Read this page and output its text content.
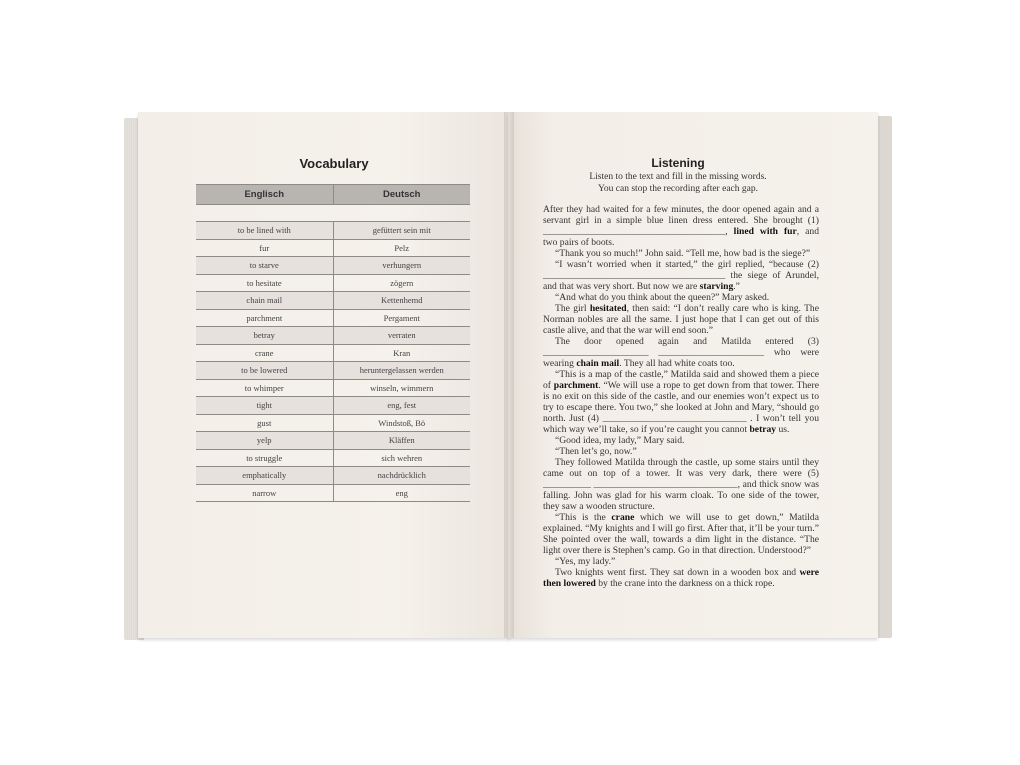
Vocabulary
Englisch	Deutsch
to be lined with	gefüttert sein mit
fur	Pelz
to starve	verhungern
to hesitate	zögern
chain mail	Kettenhemd
parchment	Pergament
betray	verraten
crane	Kran
to be lowered	heruntergelassen werden
to whimper	winseln, wimmern
tight	eng, fest
gust	Windstoß, Bö
yelp	Kläffen
to struggle	sich wehren
emphatically	nachdrücklich
narrow	eng
Listening
Listen to the text and fill in the missing words.
You can stop the recording after each gap.

After they had waited for a few minutes, the door opened again and a servant girl in a simple blue linen dress entered. She brought (1) ______________________________________, lined with fur, and two pairs of boots.

“Thank you so much!” John said. “Tell me, how bad is the siege?”

“I wasn’t worried when it started,” the girl replied, “because (2) ______________________________________ the siege of Arundel, and that was very short. But now we are starving.”

“And what do you think about the queen?” Mary asked.

The girl hesitated, then said: “I don’t really care who is king. The Norman nobles are all the same. I just hope that I can get out of this castle alive, and that the war will end soon.”

The door opened again and Matilda entered (3) ______________________ ______________________ who were wearing chain mail. They all had white coats too.

“This is a map of the castle,” Matilda said and showed them a piece of parchment. “We will use a rope to get down from that tower. There is no exit on this side of the castle, and our enemies won’t expect us to try to escape there. You two,” she looked at John and Mary, “should go north. Just (4) ______________________________ . I won’t tell you which way we’ll take, so if you’re caught you cannot betray us.

“Good idea, my lady,” Mary said.

“Then let’s go, now.”

They followed Matilda through the castle, up some stairs until they came out on top of a tower. It was very dark, there were (5) __________ ______________________________, and thick snow was falling. John was glad for his warm cloak. To one side of the tower, they saw a wooden structure.

“This is the crane which we will use to get down,” Matilda explained. “My knights and I will go first. After that, it’ll be your turn.” She pointed over the wall, towards a dim light in the distance. “The light over there is Stephen’s camp. Go in that direction. Understood?”

“Yes, my lady.”

Two knights went first. They sat down in a wooden box and were then lowered by the crane into the darkness on a thick rope.
